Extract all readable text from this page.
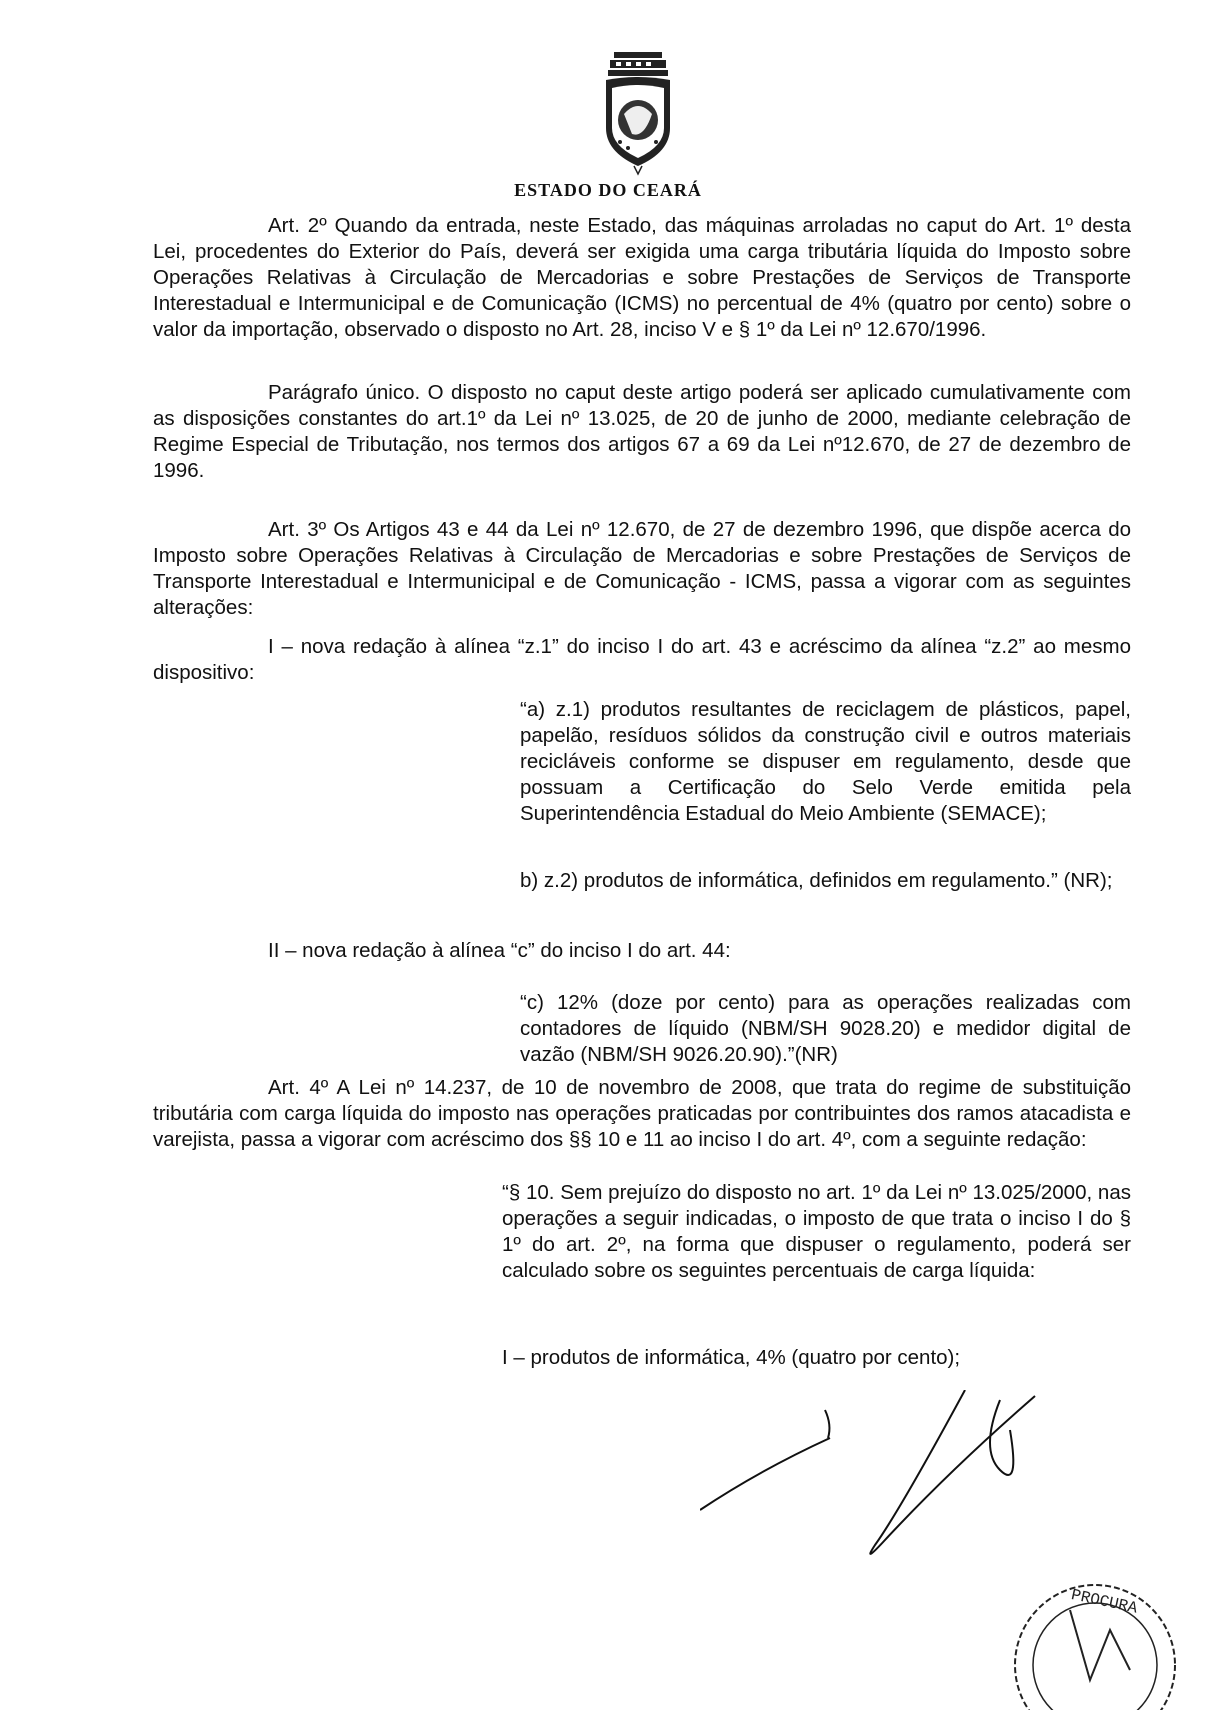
ESTADO DO CEARÁ

Art. 2º Quando da entrada, neste Estado, das máquinas arroladas no caput do Art. 1º desta Lei, procedentes do Exterior do País, deverá ser exigida uma carga tributária líquida do Imposto sobre Operações Relativas à Circulação de Mercadorias e sobre Prestações de Serviços de Transporte Interestadual e Intermunicipal e de Comunicação (ICMS) no percentual de 4% (quatro por cento) sobre o valor da importação, observado o disposto no Art. 28, inciso V e § 1º da Lei nº 12.670/1996.

Parágrafo único. O disposto no caput deste artigo poderá ser aplicado cumulativamente com as disposições constantes do art.1º da Lei nº 13.025, de 20 de junho de 2000, mediante celebração de Regime Especial de Tributação, nos termos dos artigos 67 a 69 da Lei nº12.670, de 27 de dezembro de 1996.

Art. 3º Os Artigos 43 e 44 da Lei nº 12.670, de 27 de dezembro 1996, que dispõe acerca do Imposto sobre Operações Relativas à Circulação de Mercadorias e sobre Prestações de Serviços de Transporte Interestadual e Intermunicipal e de Comunicação - ICMS, passa a vigorar com as seguintes alterações:

I – nova redação à alínea “z.1” do inciso I do art. 43 e acréscimo da alínea “z.2” ao mesmo dispositivo:

“a) z.1) produtos resultantes de reciclagem de plásticos, papel, papelão, resíduos sólidos da construção civil e outros materiais recicláveis conforme se dispuser em regulamento, desde que possuam a Certificação do Selo Verde emitida pela Superintendência Estadual do Meio Ambiente (SEMACE);

b) z.2) produtos de informática, definidos em regulamento.” (NR);

II – nova redação à alínea “c” do inciso I do art. 44:

“c) 12% (doze por cento) para as operações realizadas com contadores de líquido (NBM/SH 9028.20) e medidor digital de vazão (NBM/SH 9026.20.90).”(NR)

Art. 4º A Lei nº 14.237, de 10 de novembro de 2008, que trata do regime de substituição tributária com carga líquida do imposto nas operações praticadas por contribuintes dos ramos atacadista e varejista, passa a vigorar com acréscimo dos §§ 10 e 11 ao inciso I do art. 4º, com a seguinte redação:

“§ 10. Sem prejuízo do disposto no art. 1º da Lei nº 13.025/2000, nas operações a seguir indicadas, o imposto de que trata o inciso I do § 1º do art. 2º, na forma que dispuser o regulamento, poderá ser calculado sobre os seguintes percentuais de carga líquida:

I – produtos de informática, 4% (quatro por cento);

PROCURA
